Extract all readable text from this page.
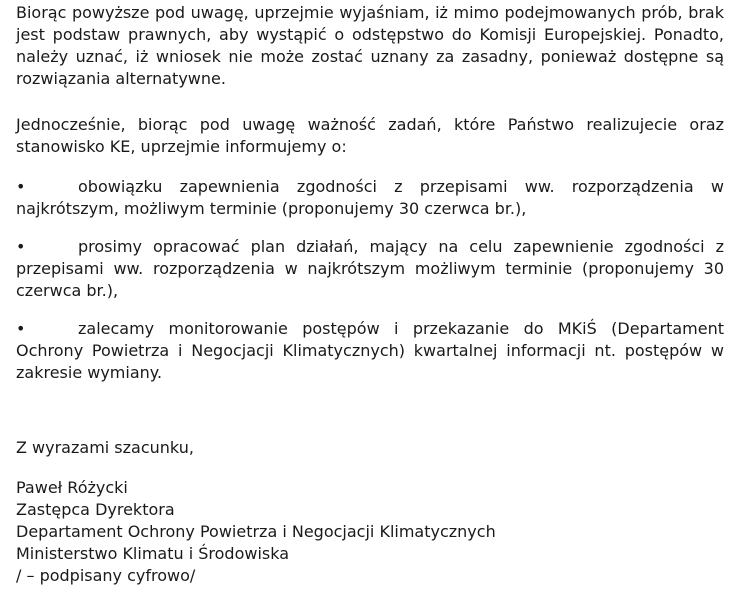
Biorąc powyższe pod uwagę, uprzejmie wyjaśniam, iż mimo podejmowanych prób, brak jest podstaw prawnych, aby wystąpić o odstępstwo do Komisji Europejskiej. Ponadto, należy uznać, iż wniosek nie może zostać uznany za zasadny, ponieważ dostępne są rozwiązania alternatywne.

Jednocześnie, biorąc pod uwagę ważność zadań, które Państwo realizujecie oraz stanowisko KE, uprzejmie informujemy o:

•	obowiązku zapewnienia zgodności z przepisami ww. rozporządzenia w najkrótszym, możliwym terminie (proponujemy 30 czerwca br.),

•	prosimy opracować plan działań, mający na celu zapewnienie zgodności z przepisami ww. rozporządzenia w najkrótszym możliwym terminie (proponujemy 30 czerwca br.),

•	zalecamy monitorowanie postępów i przekazanie do MKiŚ (Departament Ochrony Powietrza i Negocjacji Klimatycznych) kwartalnej informacji nt. postępów w zakresie wymiany.

Z wyrazami szacunku,

Paweł Różycki
Zastępca Dyrektora
Departament Ochrony Powietrza i Negocjacji Klimatycznych
Ministerstwo Klimatu i Środowiska
/ – podpisany cyfrowo/
